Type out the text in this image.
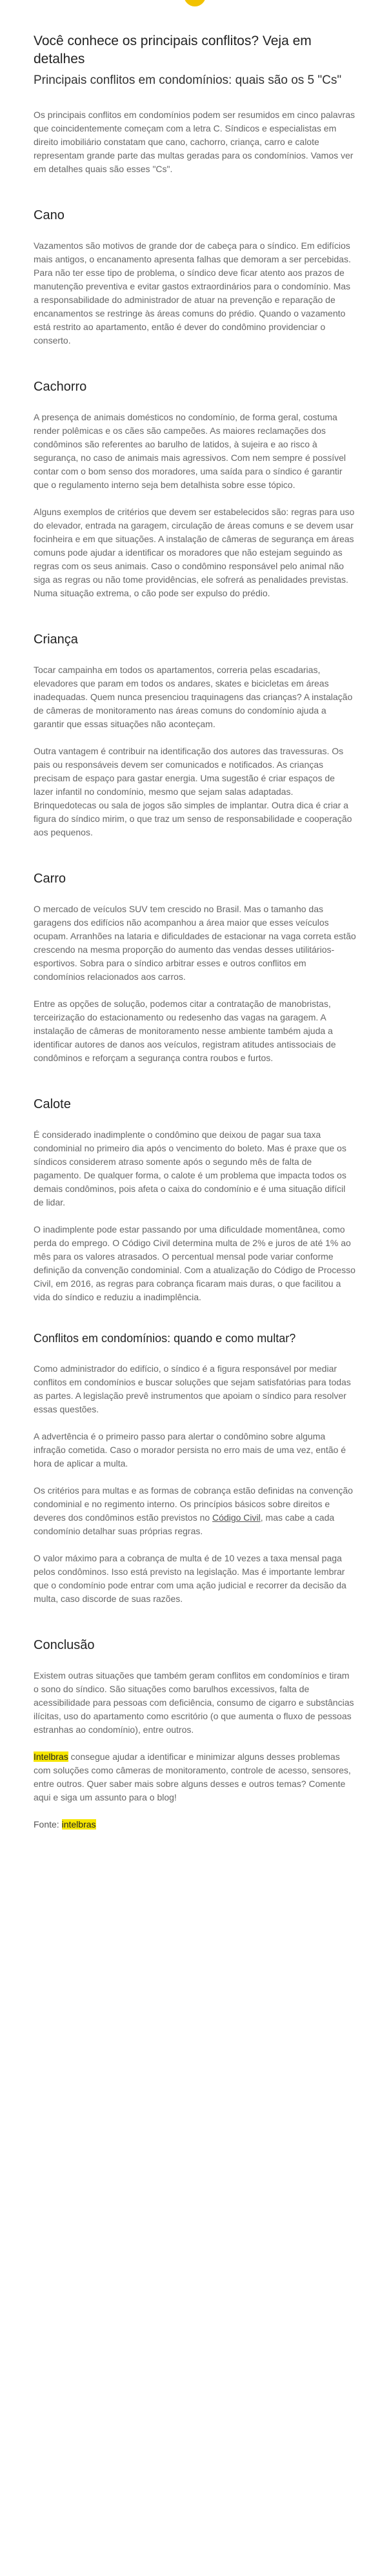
Você conhece os principais conflitos? Veja em detalhes
Principais conflitos em condomínios: quais são os 5 "Cs"

Os principais conflitos em condomínios podem ser resumidos em cinco palavras que coincidentemente começam com a letra C. Síndicos e especialistas em direito imobiliário constatam que cano, cachorro, criança, carro e calote representam grande parte das multas geradas para os condomínios. Vamos ver em detalhes quais são esses "Cs".

Cano

Vazamentos são motivos de grande dor de cabeça para o síndico. Em edifícios mais antigos, o encanamento apresenta falhas que demoram a ser percebidas. Para não ter esse tipo de problema, o síndico deve ficar atento aos prazos de manutenção preventiva e evitar gastos extraordinários para o condomínio. Mas a responsabilidade do administrador de atuar na prevenção e reparação de encanamentos se restringe às áreas comuns do prédio. Quando o vazamento está restrito ao apartamento, então é dever do condômino providenciar o conserto.

Cachorro

A presença de animais domésticos no condomínio, de forma geral, costuma render polêmicas e os cães são campeões. As maiores reclamações dos condôminos são referentes ao barulho de latidos, à sujeira e ao risco à segurança, no caso de animais mais agressivos. Com nem sempre é possível contar com o bom senso dos moradores, uma saída para o síndico é garantir que o regulamento interno seja bem detalhista sobre esse tópico.

Alguns exemplos de critérios que devem ser estabelecidos são: regras para uso do elevador, entrada na garagem, circulação de áreas comuns e se devem usar focinheira e em que situações. A instalação de câmeras de segurança em áreas comuns pode ajudar a identificar os moradores que não estejam seguindo as regras com os seus animais. Caso o condômino responsável pelo animal não siga as regras ou não tome providências, ele sofrerá as penalidades previstas. Numa situação extrema, o cão pode ser expulso do prédio.

Criança

Tocar campainha em todos os apartamentos, correria pelas escadarias, elevadores que param em todos os andares, skates e bicicletas em áreas inadequadas. Quem nunca presenciou traquinagens das crianças? A instalação de câmeras de monitoramento nas áreas comuns do condomínio ajuda a garantir que essas situações não aconteçam.

Outra vantagem é contribuir na identificação dos autores das travessuras. Os pais ou responsáveis devem ser comunicados e notificados. As crianças precisam de espaço para gastar energia. Uma sugestão é criar espaços de lazer infantil no condomínio, mesmo que sejam salas adaptadas. Brinquedotecas ou sala de jogos são simples de implantar. Outra dica é criar a figura do síndico mirim, o que traz um senso de responsabilidade e cooperação aos pequenos.

Carro

O mercado de veículos SUV tem crescido no Brasil. Mas o tamanho das garagens dos edifícios não acompanhou a área maior que esses veículos ocupam. Arranhões na lataria e dificuldades de estacionar na vaga correta estão crescendo na mesma proporção do aumento das vendas desses utilitários-esportivos. Sobra para o síndico arbitrar esses e outros conflitos em condomínios relacionados aos carros.

Entre as opções de solução, podemos citar a contratação de manobristas, terceirização do estacionamento ou redesenho das vagas na garagem. A instalação de câmeras de monitoramento nesse ambiente também ajuda a identificar autores de danos aos veículos, registram atitudes antissociais de condôminos e reforçam a segurança contra roubos e furtos.

Calote

É considerado inadimplente o condômino que deixou de pagar sua taxa condominial no primeiro dia após o vencimento do boleto. Mas é praxe que os síndicos considerem atraso somente após o segundo mês de falta de pagamento. De qualquer forma, o calote é um problema que impacta todos os demais condôminos, pois afeta o caixa do condomínio e é uma situação difícil de lidar.

O inadimplente pode estar passando por uma dificuldade momentânea, como perda do emprego. O Código Civil determina multa de 2% e juros de até 1% ao mês para os valores atrasados. O percentual mensal pode variar conforme definição da convenção condominial. Com a atualização do Código de Processo Civil, em 2016, as regras para cobrança ficaram mais duras, o que facilitou a vida do síndico e reduziu a inadimplência.

Conflitos em condomínios: quando e como multar?

Como administrador do edifício, o síndico é a figura responsável por mediar conflitos em condomínios e buscar soluções que sejam satisfatórias para todas as partes. A legislação prevê instrumentos que apoiam o síndico para resolver essas questões.

A advertência é o primeiro passo para alertar o condômino sobre alguma infração cometida. Caso o morador persista no erro mais de uma vez, então é hora de aplicar a multa.

Os critérios para multas e as formas de cobrança estão definidas na convenção condominial e no regimento interno. Os princípios básicos sobre direitos e deveres dos condôminos estão previstos no Código Civil, mas cabe a cada condomínio detalhar suas próprias regras.

O valor máximo para a cobrança de multa é de 10 vezes a taxa mensal paga pelos condôminos. Isso está previsto na legislação. Mas é importante lembrar que o condomínio pode entrar com uma ação judicial e recorrer da decisão da multa, caso discorde de suas razões.

Conclusão

Existem outras situações que também geram conflitos em condomínios e tiram o sono do síndico. São situações como barulhos excessivos, falta de acessibilidade para pessoas com deficiência, consumo de cigarro e substâncias ilícitas, uso do apartamento como escritório (o que aumenta o fluxo de pessoas estranhas ao condomínio), entre outros.

Intelbras consegue ajudar a identificar e minimizar alguns desses problemas com soluções como câmeras de monitoramento, controle de acesso, sensores, entre outros. Quer saber mais sobre alguns desses e outros temas? Comente aqui e siga um assunto para o blog!

Fonte: intelbras
